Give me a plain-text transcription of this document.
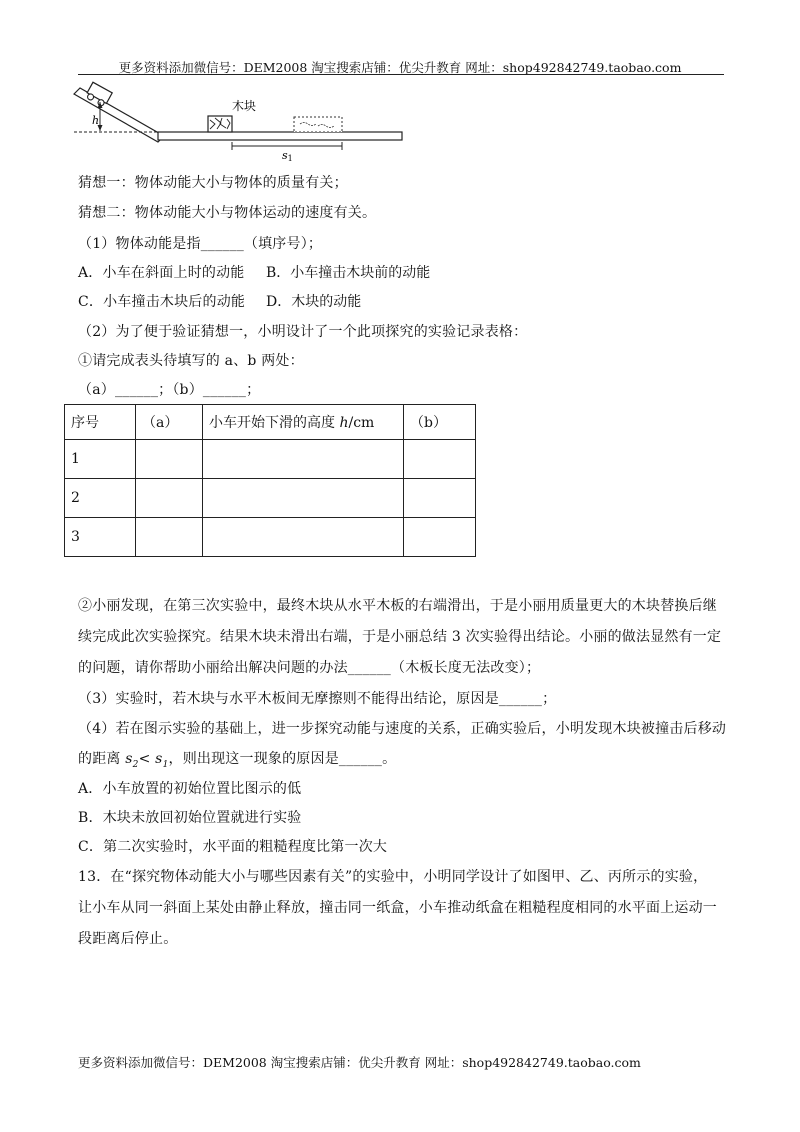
更多资料添加微信号：DEM2008 淘宝搜索店铺：优尖升教育 网址：shop492842749.taobao.com
h
木块
s1
猜想一：物体动能大小与物体的质量有关；
猜想二：物体动能大小与物体运动的速度有关。
（1）物体动能是指______（填序号）；
A．小车在斜面上时的动能 B．小车撞击木块前的动能
C．小车撞击木块后的动能 D．木块的动能
（2）为了便于验证猜想一，小明设计了一个此项探究的实验记录表格：
①请完成表头待填写的 a、b 两处：
（a）______；（b）______；
序号	（a）	小车开始下滑的高度 h/cm	（b）
1			
2			
3			
②小丽发现，在第三次实验中，最终木块从水平木板的右端滑出，于是小丽用质量更大的木块替换后继
续完成此次实验探究。结果木块未滑出右端，于是小丽总结 3 次实验得出结论。小丽的做法显然有一定
的问题，请你帮助小丽给出解决问题的办法______（木板长度无法改变）；
（3）实验时，若木块与水平木板间无摩擦则不能得出结论，原因是______；
（4）若在图示实验的基础上，进一步探究动能与速度的关系，正确实验后，小明发现木块被撞击后移动
的距离 $s_2< s_1$，则出现这一现象的原因是______。
A．小车放置的初始位置比图示的低
B．木块未放回初始位置就进行实验
C．第二次实验时，水平面的粗糙程度比第一次大
13．在“探究物体动能大小与哪些因素有关”的实验中，小明同学设计了如图甲、乙、丙所示的实验，
让小车从同一斜面上某处由静止释放，撞击同一纸盒，小车推动纸盒在粗糙程度相同的水平面上运动一
段距离后停止。
更多资料添加微信号：DEM2008 淘宝搜索店铺：优尖升教育 网址：shop492842749.taobao.com
